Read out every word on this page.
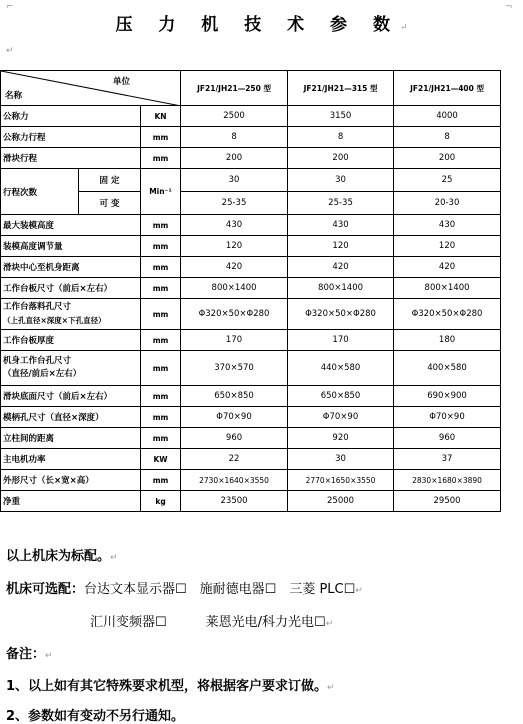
⌐	¬
压 力 机 技 术 参 数↵
↵
单位
名称			JF21/JH21—250 型	JF21/JH21—315 型	JF21/JH21—400 型
公称力		KN	2500	3150	4000
公称力行程		mm	8	8	8
滑块行程		mm	200	200	200
行程次数	固 定	Min⁻¹	30	30	25
	可 变		25-35	25-35	20-30
最大装模高度		mm	430	430	430
装模高度调节量		mm	120	120	120
滑块中心至机身距离		mm	420	420	420
工作台板尺寸（前后×左右）		mm	800×1400	800×1400	800×1400
工作台落料孔尺寸
（上孔直径×深度×下孔直径）		mm	Φ320×50×Φ280	Φ320×50×Φ280	Φ320×50×Φ280
工作台板厚度		mm	170	170	180
机身工作台孔尺寸
（直径/前后×左右）		mm	370×570	440×580	400×580
滑块底面尺寸（前后×左右）		mm	650×850	650×850	690×900
模柄孔尺寸（直径×深度）		mm	Φ70×90	Φ70×90	Φ70×90
立柱间的距离		mm	960	920	960
主电机功率		KW	22	30	37
外形尺寸（长×宽×高）		mm	2730×1640×3550	2770×1650×3550	2830×1680×3890
净重		kg	23500	25000	29500
以上机床为标配。↵
机床可选配：台达文本显示器☐　施耐德电器☐　三菱 PLC☐↵
汇川变频器☐　　　莱恩光电/科力光电☐↵
备注：↵
1、以上如有其它特殊要求机型，将根据客户要求订做。↵
2、参数如有变动不另行通知。
